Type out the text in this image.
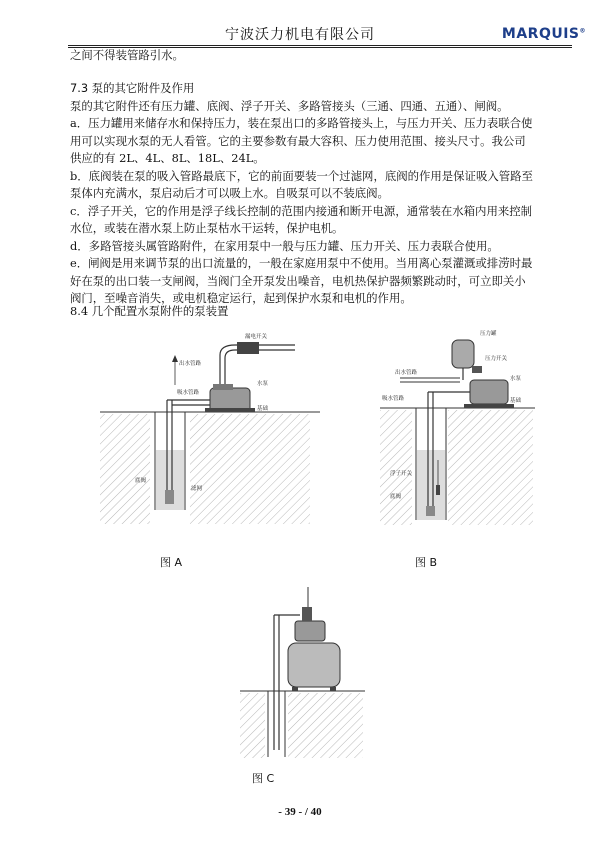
宁波沃力机电有限公司	MARQUIS®

之间不得装管路引水。

7.3 泵的其它附件及作用

泵的其它附件还有压力罐、底阀、浮子开关、多路管接头（三通、四通、五通）、闸阀。

a．压力罐用来储存水和保持压力，装在泵出口的多路管接头上，与压力开关、压力表联合使

用可以实现水泵的无人看管。它的主要参数有最大容积、压力使用范围、接头尺寸。我公司

供应的有 2L、4L、8L、18L、24L。

b．底阀装在泵的吸入管路最底下，它的前面要装一个过滤网，底阀的作用是保证吸入管路至

泵体内充满水，泵启动后才可以吸上水。自吸泵可以不装底阀。

c．浮子开关，它的作用是浮子线长控制的范围内接通和断开电源，通常装在水箱内用来控制

水位，或装在潜水泵上防止泵枯水干运转，保护电机。

d．多路管接头属管路附件，在家用泵中一般与压力罐、压力开关、压力表联合使用。

e．闸阀是用来调节泵的出口流量的，一般在家庭用泵中不使用。当用离心泵灌溉或排涝时最

好在泵的出口装一支闸阀，当阀门全开泵发出噪音，电机热保护器频繁跳动时，可立即关小

阀门，至噪音消失，或电机稳定运行，起到保护水泵和电机的作用。

8.4 几个配置水泵附件的泵装置
漏电开关
出水管路
水泵
吸水管路
基础
底阀
滤网
图 A
压力罐
压力开关
出水管路
水泵
吸水管路	基础
浮子开关
底阀
图 B
图 C
- 39 - / 40
